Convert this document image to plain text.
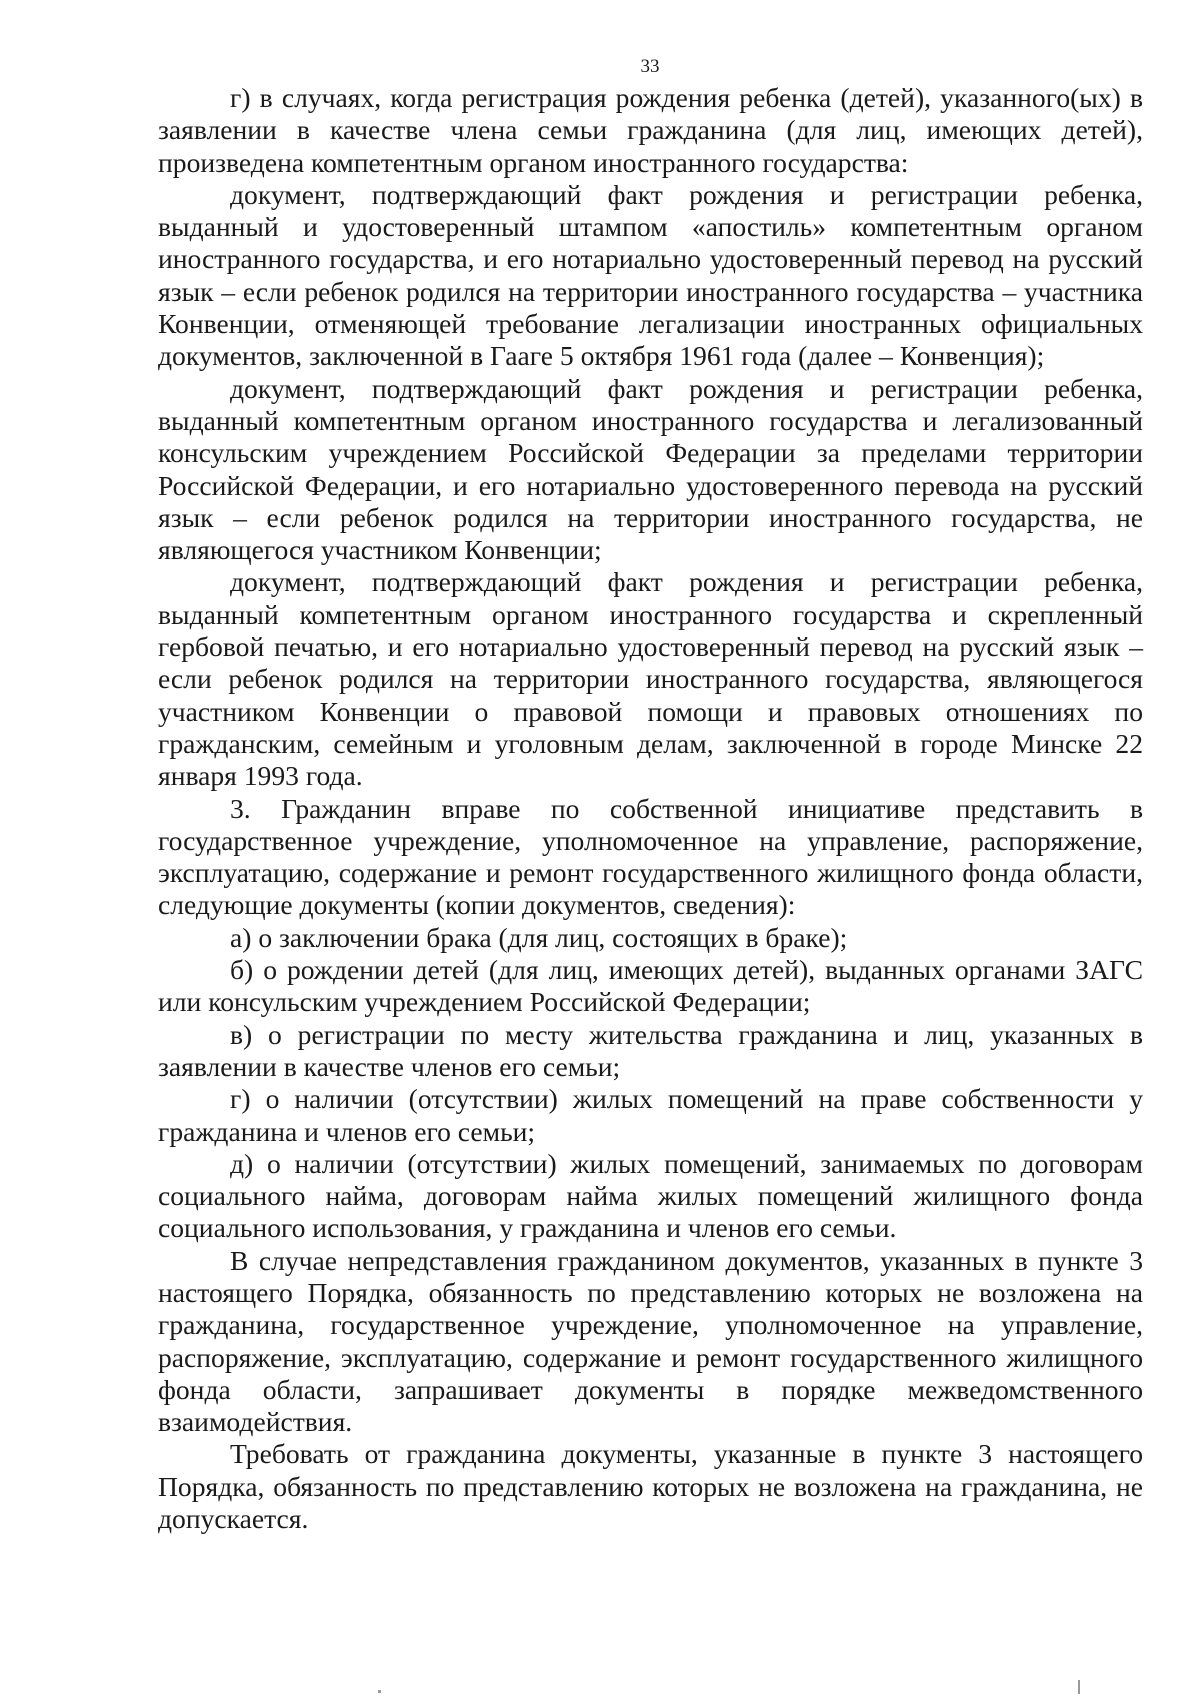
33

г) в случаях, когда регистрация рождения ребенка (детей), указанного(ых) в заявлении в качестве члена семьи гражданина (для лиц, имеющих детей), произведена компетентным органом иностранного государства:

документ, подтверждающий факт рождения и регистрации ребенка, выданный и удостоверенный штампом «апостиль» компетентным органом иностранного государства, и его нотариально удостоверенный перевод на русский язык – если ребенок родился на территории иностранного государства – участника Конвенции, отменяющей требование легализации иностранных официальных документов, заключенной в Гааге 5 октября 1961 года (далее – Конвенция);

документ, подтверждающий факт рождения и регистрации ребенка, выданный компетентным органом иностранного государства и легализованный консульским учреждением Российской Федерации за пределами территории Российской Федерации, и его нотариально удостоверенного перевода на русский язык – если ребенок родился на территории иностранного государства, не являющегося участником Конвенции;

документ, подтверждающий факт рождения и регистрации ребенка, выданный компетентным органом иностранного государства и скрепленный гербовой печатью, и его нотариально удостоверенный перевод на русский язык – если ребенок родился на территории иностранного государства, являющегося участником Конвенции о правовой помощи и правовых отношениях по гражданским, семейным и уголовным делам, заключенной в городе Минске 22 января 1993 года.

3. Гражданин вправе по собственной инициативе представить в государственное учреждение, уполномоченное на управление, распоряжение, эксплуатацию, содержание и ремонт государственного жилищного фонда области, следующие документы (копии документов, сведения):

а) о заключении брака (для лиц, состоящих в браке);

б) о рождении детей (для лиц, имеющих детей), выданных органами ЗАГС или консульским учреждением Российской Федерации;

в) о регистрации по месту жительства гражданина и лиц, указанных в заявлении в качестве членов его семьи;

г) о наличии (отсутствии) жилых помещений на праве собственности у гражданина и членов его семьи;

д) о наличии (отсутствии) жилых помещений, занимаемых по договорам социального найма, договорам найма жилых помещений жилищного фонда социального использования, у гражданина и членов его семьи.

В случае непредставления гражданином документов, указанных в пункте 3 настоящего Порядка, обязанность по представлению которых не возложена на гражданина, государственное учреждение, уполномоченное на управление, распоряжение, эксплуатацию, содержание и ремонт государственного жилищного фонда области, запрашивает документы в порядке межведомственного взаимодействия.

Требовать от гражданина документы, указанные в пункте 3 настоящего Порядка, обязанность по представлению которых не возложена на гражданина, не допускается.
